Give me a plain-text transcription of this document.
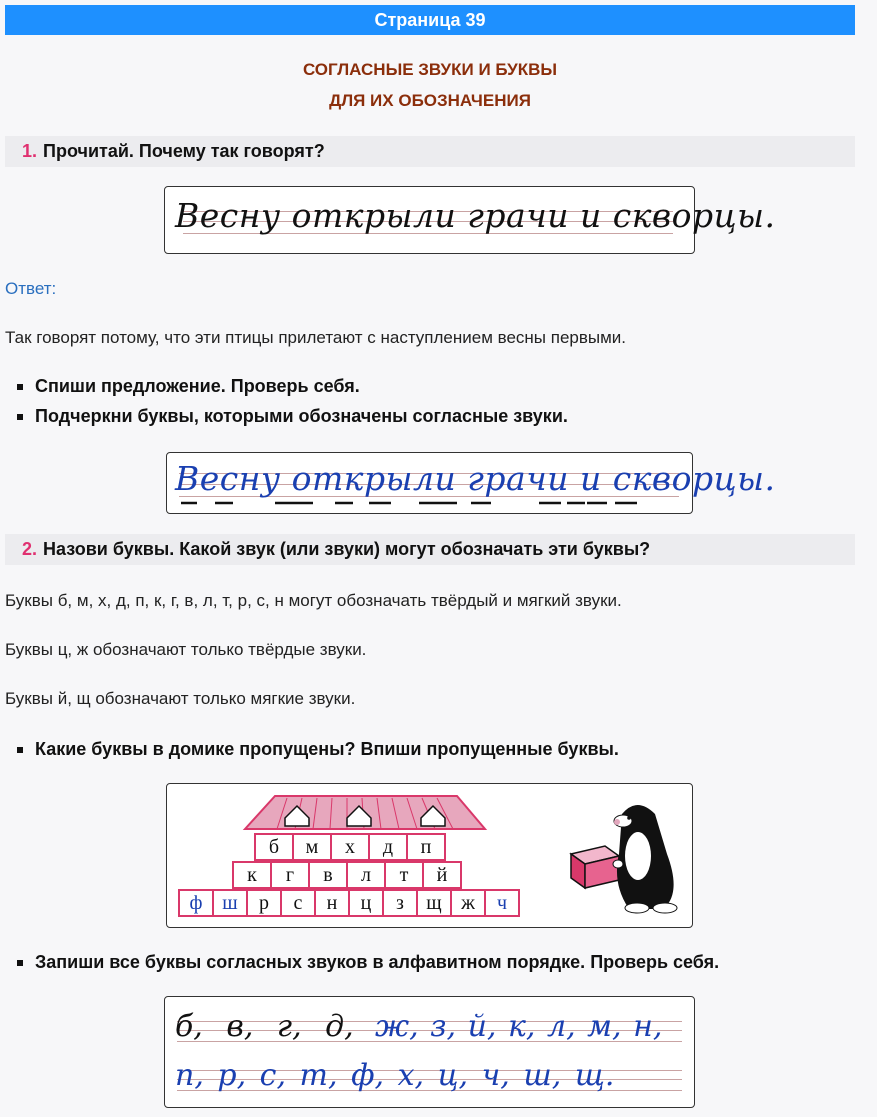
Страница 39
СОГЛАСНЫЕ ЗВУКИ И БУКВЫ
ДЛЯ ИХ ОБОЗНАЧЕНИЯ
1. Прочитай. Почему так говорят?
Весну открыли грачи и скворцы.
Ответ:
Так говорят потому, что эти птицы прилетают с наступлением весны первыми.
Спиши предложение. Проверь себя.
Подчеркни буквы, которыми обозначены согласные звуки.
Весну открыли грачи и скворцы.
2. Назови буквы. Какой звук (или звуки) могут обозначать эти буквы?
Буквы б, м, х, д, п, к, г, в, л, т, р, с, н могут обозначать твёрдый и мягкий звуки.
Буквы ц, ж обозначают только твёрдые звуки.
Буквы й, щ обозначают только мягкие звуки.
Какие буквы в домике пропущены? Впиши пропущенные буквы.
б м х д п
к г в л т й
ф ш р с н ц з щ ж ч
Запиши все буквы согласных звуков в алфавитном порядке. Проверь себя.
б, в, г, д, ж, з, й, к, л, м, н,
п, р, с, т, ф, х, ц, ч, ш, щ.
